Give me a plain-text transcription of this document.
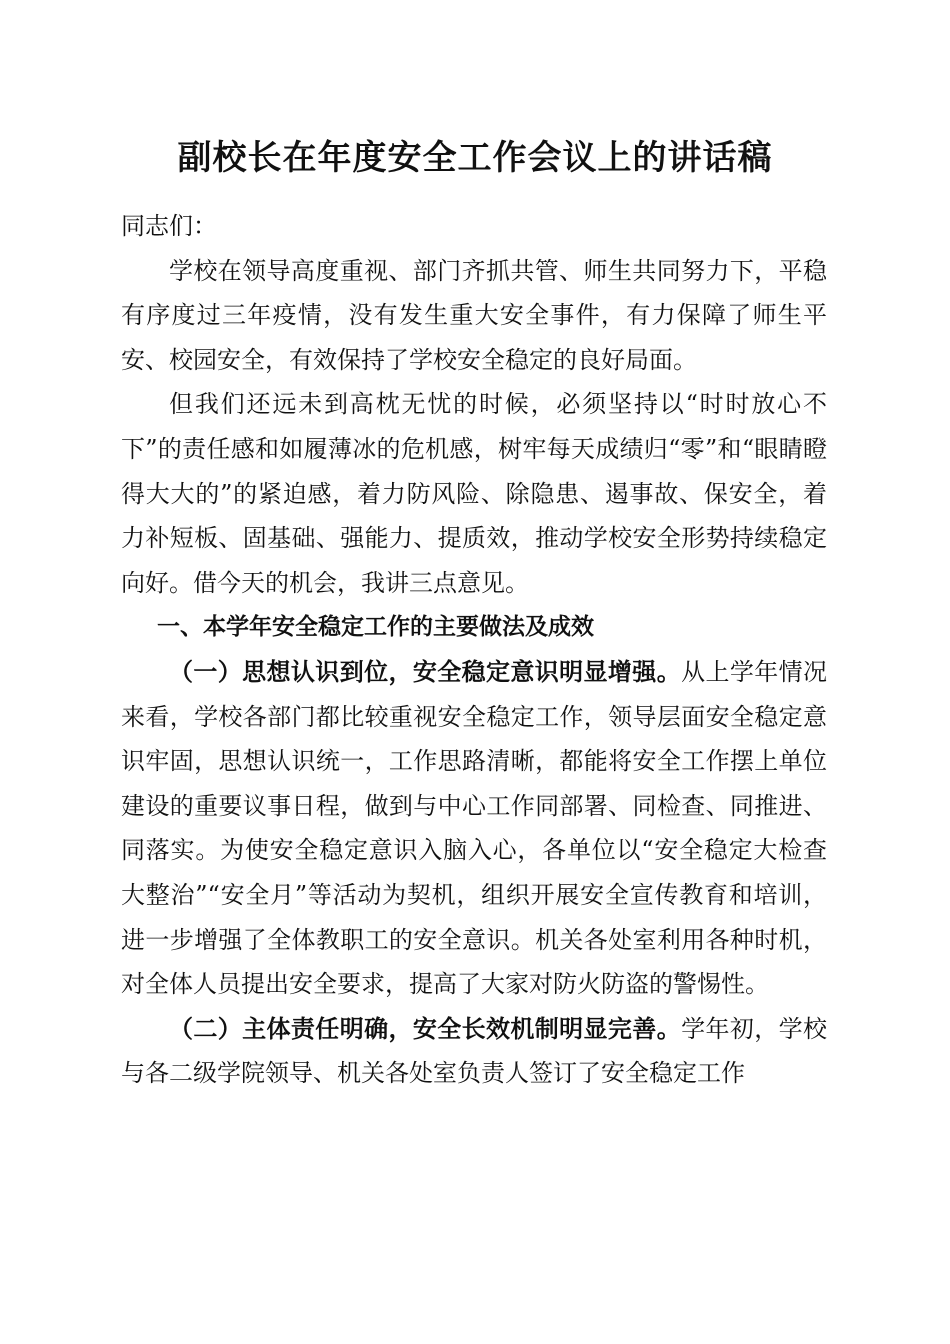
副校长在年度安全工作会议上的讲话稿

同志们：

学校在领导高度重视、部门齐抓共管、师生共同努力下，平稳有序度过三年疫情，没有发生重大安全事件，有力保障了师生平安、校园安全，有效保持了学校安全稳定的良好局面。

但我们还远未到高枕无忧的时候，必须坚持以“时时放心不下”的责任感和如履薄冰的危机感，树牢每天成绩归“零”和“眼睛瞪得大大的”的紧迫感，着力防风险、除隐患、遏事故、保安全，着力补短板、固基础、强能力、提质效，推动学校安全形势持续稳定向好。借今天的机会，我讲三点意见。

一、本学年安全稳定工作的主要做法及成效

（一）思想认识到位，安全稳定意识明显增强。从上学年情况来看，学校各部门都比较重视安全稳定工作，领导层面安全稳定意识牢固，思想认识统一，工作思路清晰，都能将安全工作摆上单位建设的重要议事日程，做到与中心工作同部署、同检查、同推进、同落实。为使安全稳定意识入脑入心，各单位以“安全稳定大检查大整治”“安全月”等活动为契机，组织开展安全宣传教育和培训，进一步增强了全体教职工的安全意识。机关各处室利用各种时机，对全体人员提出安全要求，提高了大家对防火防盗的警惕性。

（二）主体责任明确，安全长效机制明显完善。学年初，学校与各二级学院领导、机关各处室负责人签订了安全稳定工作
